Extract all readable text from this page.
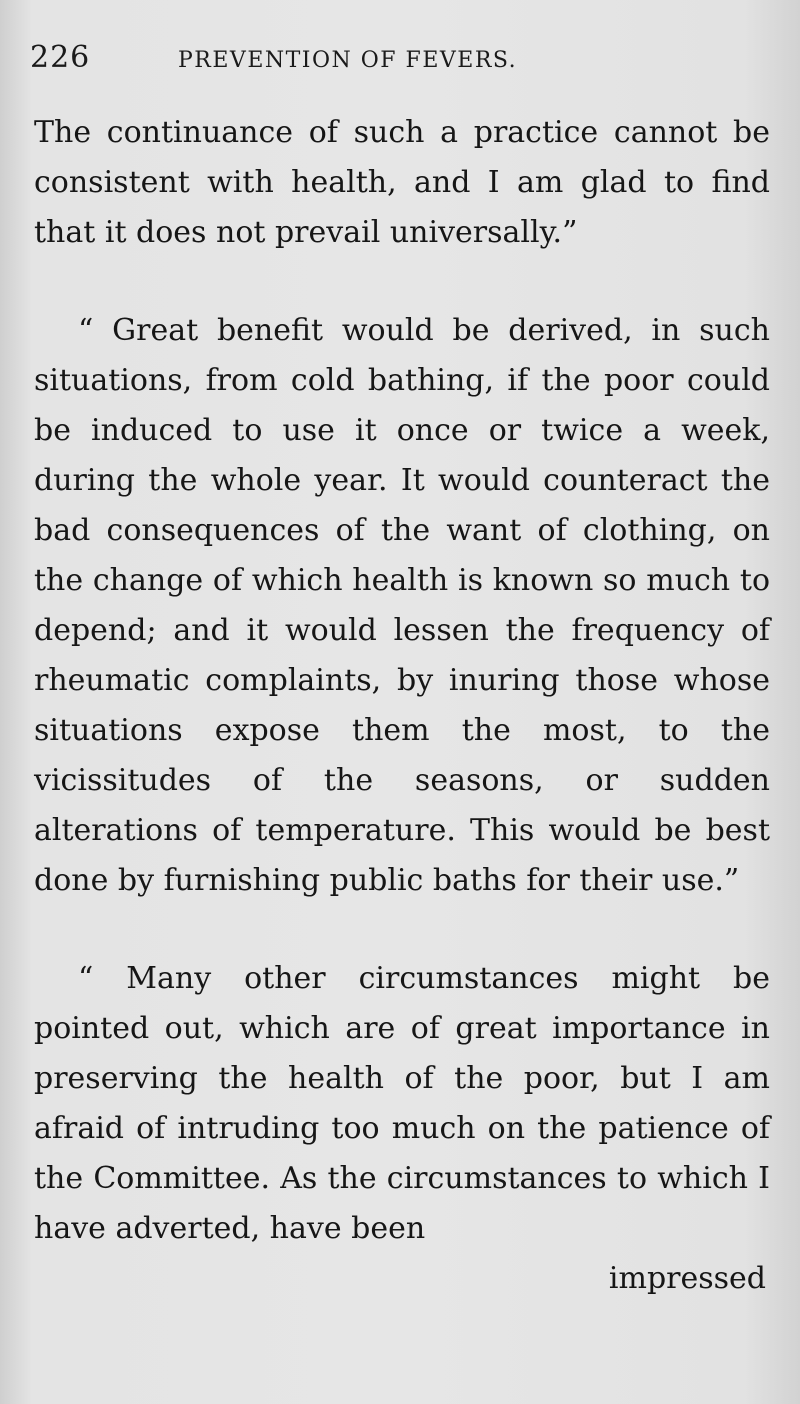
226	PREVENTION OF FEVERS.

The continuance of such a practice cannot be consistent with health, and I am glad to find that it does not prevail universally.”

“ Great benefit would be derived, in such situations, from cold bathing, if the poor could be induced to use it once or twice a week, during the whole year. It would counteract the bad consequences of the want of clothing, on the change of which health is known so much to depend; and it would lessen the frequency of rheumatic complaints, by inuring those whose situations expose them the most, to the vicissitudes of the seasons, or sudden alterations of temperature. This would be best done by furnishing public baths for their use.”

“ Many other circumstances might be pointed out, which are of great importance in preserving the health of the poor, but I am afraid of intruding too much on the patience of the Committee. As the circumstances to which I have adverted, have been

impressed
